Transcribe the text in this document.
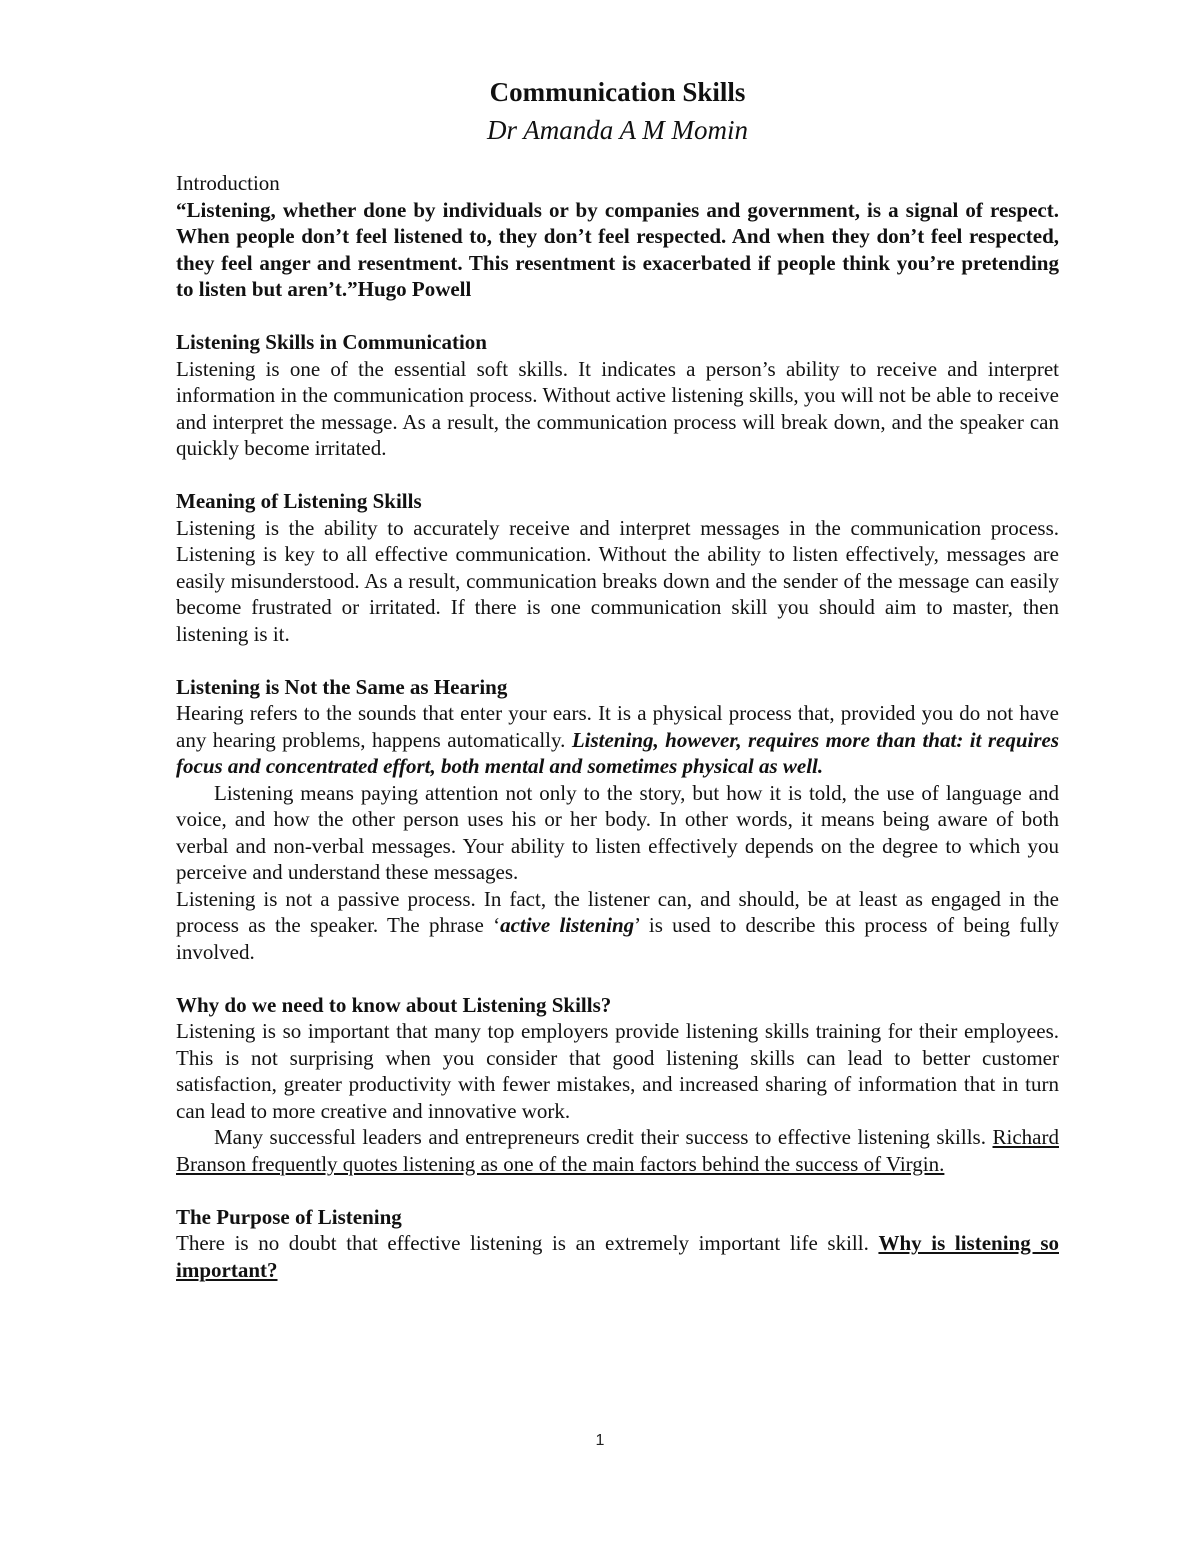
Communication Skills
Dr Amanda A M Momin

Introduction

“Listening, whether done by individuals or by companies and government, is a signal of respect. When people don’t feel listened to, they don’t feel respected. And when they don’t feel respected, they feel anger and resentment. This resentment is exacerbated if people think you’re pretending to listen but aren’t.”Hugo Powell

Listening Skills in Communication

Listening is one of the essential soft skills. It indicates a person’s ability to receive and interpret information in the communication process. Without active listening skills, you will not be able to receive and interpret the message. As a result, the communication process will break down, and the speaker can quickly become irritated.

Meaning of Listening Skills

Listening is the ability to accurately receive and interpret messages in the communication process. Listening is key to all effective communication. Without the ability to listen effectively, messages are easily misunderstood. As a result, communication breaks down and the sender of the message can easily become frustrated or irritated. If there is one communication skill you should aim to master, then listening is it.

Listening is Not the Same as Hearing

Hearing refers to the sounds that enter your ears. It is a physical process that, provided you do not have any hearing problems, happens automatically. Listening, however, requires more than that: it requires focus and concentrated effort, both mental and sometimes physical as well.

Listening means paying attention not only to the story, but how it is told, the use of language and voice, and how the other person uses his or her body. In other words, it means being aware of both verbal and non-verbal messages. Your ability to listen effectively depends on the degree to which you perceive and understand these messages.

Listening is not a passive process. In fact, the listener can, and should, be at least as engaged in the process as the speaker. The phrase ‘active listening’ is used to describe this process of being fully involved.

Why do we need to know about Listening Skills?

Listening is so important that many top employers provide listening skills training for their employees. This is not surprising when you consider that good listening skills can lead to better customer satisfaction, greater productivity with fewer mistakes, and increased sharing of information that in turn can lead to more creative and innovative work.

Many successful leaders and entrepreneurs credit their success to effective listening skills. Richard Branson frequently quotes listening as one of the main factors behind the success of Virgin.

The Purpose of Listening

There is no doubt that effective listening is an extremely important life skill. Why is listening so important?

1
